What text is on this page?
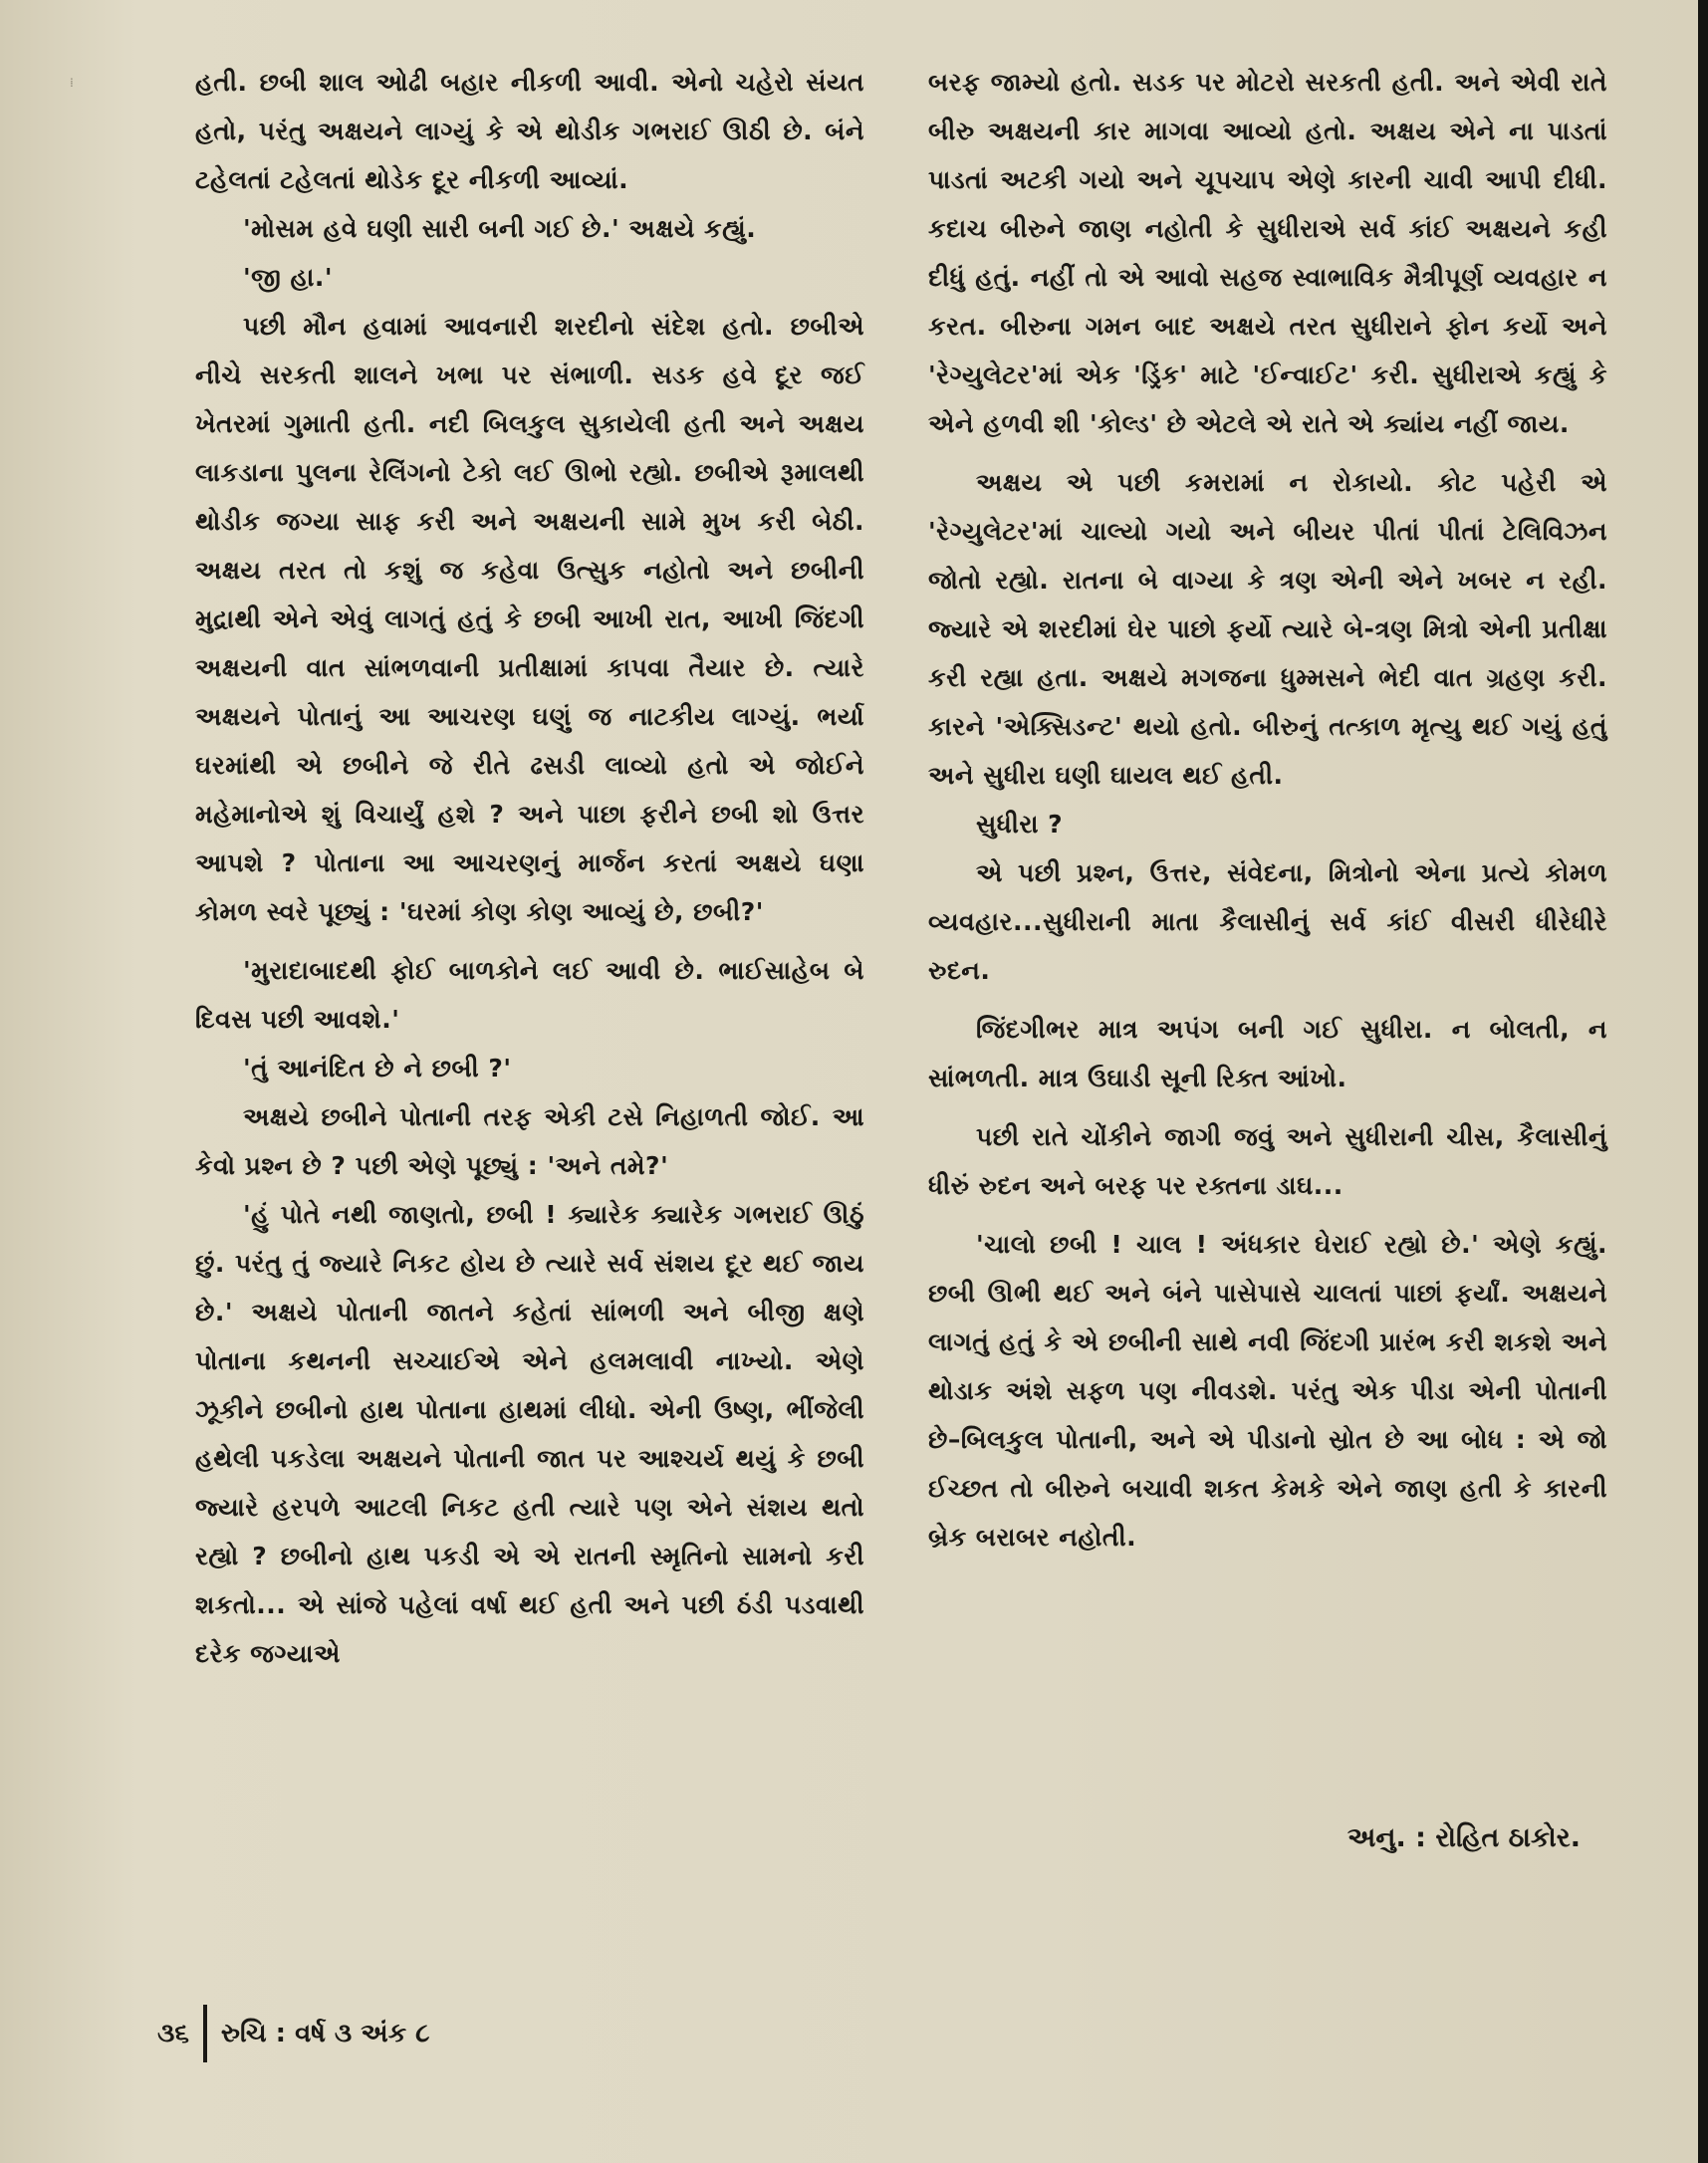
⁞	હતી. છબી શાલ ઓઢી બહાર નીકળી આવી. એનો ચહેરો સંયત હતો, પરંતુ અક્ષયને લાગ્યું કે એ થોડીક ગભરાઈ ઊઠી છે. બંને ટહેલતાં ટહેલતાં થોડેક દૂર નીકળી આવ્યાં.

'મોસમ હવે ઘણી સારી બની ગઈ છે.' અક્ષયે કહ્યું.

'જી હા.'

પછી મૌન હવામાં આવનારી શરદીનો સંદેશ હતો. છબીએ નીચે સરકતી શાલને ખભા પર સંભાળી. સડક હવે દૂર જઈ ખેતરમાં ગુમાતી હતી. નદી બિલકુલ સુકાયેલી હતી અને અક્ષય લાકડાના પુલના રેલિંગનો ટેકો લઈ ઊભો રહ્યો. છબીએ રૂમાલથી થોડીક જગ્યા સાફ કરી અને અક્ષયની સામે મુખ કરી બેઠી. અક્ષય તરત તો કશું જ કહેવા ઉત્સુક નહોતો અને છબીની મુદ્રાથી એને એવું લાગતું હતું કે છબી આખી રાત, આખી જિંદગી અક્ષયની વાત સાંભળવાની પ્રતીક્ષામાં કાપવા તૈયાર છે. ત્યારે અક્ષયને પોતાનું આ આચરણ ઘણું જ નાટકીય લાગ્યું. ભર્યા ઘરમાંથી એ છબીને જે રીતે ઢસડી લાવ્યો હતો એ જોઈને મહેમાનોએ શું વિચાર્યું હશે ? અને પાછા ફરીને છબી શો ઉત્તર આપશે ? પોતાના આ આચરણનું માર્જન કરતાં અક્ષયે ઘણા કોમળ સ્વરે પૂછ્યું : 'ઘરમાં કોણ કોણ આવ્યું છે, છબી?'

'મુરાદાબાદથી ફોઈ બાળકોને લઈ આવી છે. ભાઈસાહેબ બે દિવસ પછી આવશે.'

'તું આનંદિત છે ને છબી ?'

અક્ષયે છબીને પોતાની તરફ એકી ટસે નિહાળતી જોઈ. આ કેવો પ્રશ્ન છે ? પછી એણે પૂછ્યું : 'અને તમે?'

'હું પોતે નથી જાણતો, છબી ! ક્યારેક ક્યારેક ગભરાઈ ઊઠું છું. પરંતુ તું જ્યારે નિકટ હોય છે ત્યારે સર્વ સંશય દૂર થઈ જાય છે.' અક્ષયે પોતાની જાતને કહેતાં સાંભળી અને બીજી ક્ષણે પોતાના કથનની સચ્ચાઈએ એને હલમલાવી નાખ્યો. એણે ઝૂકીને છબીનો હાથ પોતાના હાથમાં લીધો. એની ઉષ્ણ, ભીંજેલી હથેલી પકડેલા અક્ષયને પોતાની જાત પર આશ્ચર્ય થયું કે છબી જ્યારે હરપળે આટલી નિકટ હતી ત્યારે પણ એને સંશય થતો રહ્યો ? છબીનો હાથ પકડી એ એ રાતની સ્મૃતિનો સામનો કરી શકતો... એ સાંજે પહેલાં વર્ષા થઈ હતી અને પછી ઠંડી પડવાથી દરેક જગ્યાએ

બરફ જામ્યો હતો. સડક પર મોટરો સરકતી હતી. અને એવી રાતે બીરુ અક્ષયની કાર માગવા આવ્યો હતો. અક્ષય એને ના પાડતાં પાડતાં અટકી ગયો અને ચૂપચાપ એણે કારની ચાવી આપી દીધી. કદાચ બીરુને જાણ નહોતી કે સુધીરાએ સર્વ કાંઈ અક્ષયને કહી દીધું હતું. નહીં તો એ આવો સહજ સ્વાભાવિક મૈત્રીપૂર્ણ વ્યવહાર ન કરત. બીરુના ગમન બાદ અક્ષયે તરત સુધીરાને ફોન કર્યો અને 'રેગ્યુલેટર'માં એક 'ડ્રિંક' માટે 'ઈન્વાઈટ' કરી. સુધીરાએ કહ્યું કે એને હળવી શી 'કોલ્ડ' છે એટલે એ રાતે એ ક્યાંય નહીં જાય.

અક્ષય એ પછી કમરામાં ન રોકાયો. કોટ પહેરી એ 'રેગ્યુલેટર'માં ચાલ્યો ગયો અને બીયર પીતાં પીતાં ટેલિવિઝન જોતો રહ્યો. રાતના બે વાગ્યા કે ત્રણ એની એને ખબર ન રહી. જ્યારે એ શરદીમાં ઘેર પાછો ફર્યો ત્યારે બે-ત્રણ મિત્રો એની પ્રતીક્ષા કરી રહ્યા હતા. અક્ષયે મગજના ધુમ્મસને ભેદી વાત ગ્રહણ કરી. કારને 'એક્સિડન્ટ' થયો હતો. બીરુનું તત્કાળ મૃત્યુ થઈ ગયું હતું અને સુધીરા ઘણી ઘાયલ થઈ હતી.

સુધીરા ?

એ પછી પ્રશ્ન, ઉત્તર, સંવેદના, મિત્રોનો એના પ્રત્યે કોમળ વ્યવહાર...સુધીરાની માતા કૈલાસીનું સર્વ કાંઈ વીસરી ધીરેધીરે રુદન.

જિંદગીભર માત્ર અપંગ બની ગઈ સુધીરા. ન બોલતી, ન સાંભળતી. માત્ર ઉઘાડી સૂની રિક્ત આંખો.

પછી રાતે ચોંકીને જાગી જવું અને સુધીરાની ચીસ, કૈલાસીનું ધીરું રુદન અને બરફ પર રક્તના ડાઘ...

'ચાલો છબી ! ચાલ ! અંધકાર ઘેરાઈ રહ્યો છે.' એણે કહ્યું. છબી ઊભી થઈ અને બંને પાસેપાસે ચાલતાં પાછાં ફર્યાં. અક્ષયને લાગતું હતું કે એ છબીની સાથે નવી જિંદગી પ્રારંભ કરી શકશે અને થોડાક અંશે સફળ પણ નીવડશે. પરંતુ એક પીડા એની પોતાની છે–બિલકુલ પોતાની, અને એ પીડાનો સ્રોત છે આ બોધ : એ જો ઈચ્છત તો બીરુને બચાવી શકત કેમકે એને જાણ હતી કે કારની બ્રેક બરાબર નહોતી.

અનુ. : રોહિત ઠાકોર.
૩૬ રુચિ : વર્ષ ૩ અંક ૮
